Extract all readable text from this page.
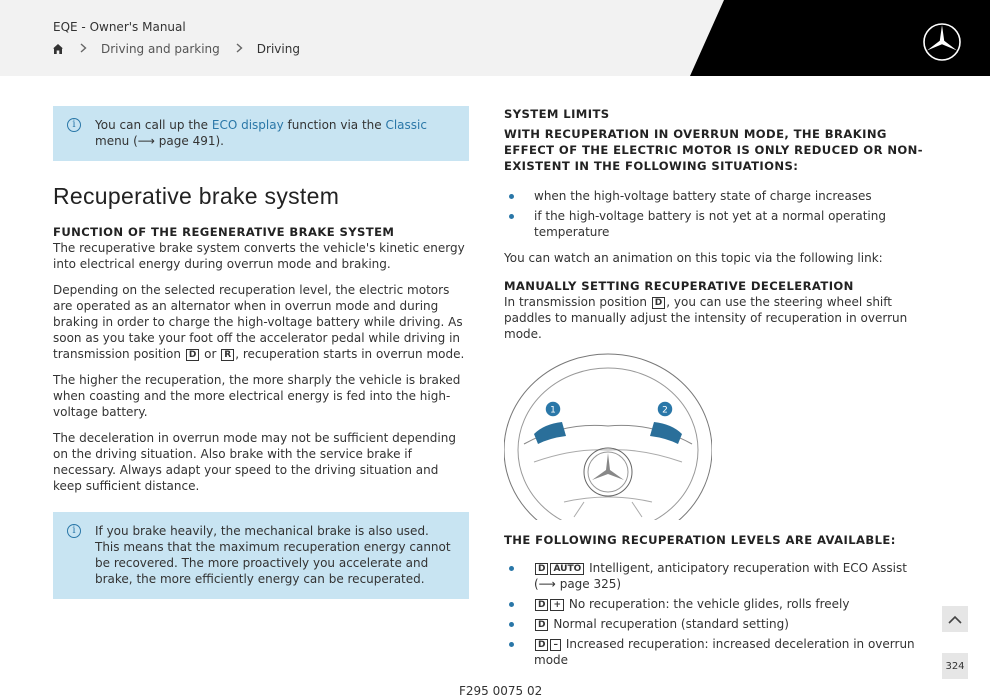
EQE - Owner's Manual
Driving and parking	Driving
i	You can call up the ECO display function via the Classic menu (⟶ page 491).
Recuperative brake system
FUNCTION OF THE REGENERATIVE BRAKE SYSTEM

The recuperative brake system converts the vehicle's kinetic energy into electrical energy during overrun mode and braking.

Depending on the selected recuperation level, the electric motors are operated as an alternator when in overrun mode and during braking in order to charge the high-voltage battery while driving. As soon as you take your foot off the accelerator pedal while driving in transmission position D or R , recuperation starts in overrun mode.

The higher the recuperation, the more sharply the vehicle is braked when coasting and the more electrical energy is fed into the high-voltage battery.

The deceleration in overrun mode may not be sufficient depending on the driving situation. Also brake with the service brake if necessary. Always adapt your speed to the driving situation and keep sufficient distance.

i	If you brake heavily, the mechanical brake is also used. This means that the maximum recuperation energy cannot be recovered. The more proactively you accelerate and brake, the more efficiently energy can be recuperated.
SYSTEM LIMITS
WITH RECUPERATION IN OVERRUN MODE, THE BRAKING EFFECT OF THE ELECTRIC MOTOR IS ONLY REDUCED OR NON-EXISTENT IN THE FOLLOWING SITUATIONS:
when the high-voltage battery state of charge increases
if the high-voltage battery is not yet at a normal operating temperature

You can watch an animation on this topic via the following link:

MANUALLY SETTING RECUPERATIVE DECELERATION

In transmission position D , you can use the steering wheel shift paddles to manually adjust the intensity of recuperation in overrun mode.

1	2
THE FOLLOWING RECUPERATION LEVELS ARE AVAILABLE:
D AUTO Intelligent, anticipatory recuperation with ECO Assist (⟶ page 325)
D + No recuperation: the vehicle glides, rolls freely
D Normal recuperation (standard setting)
D – Increased recuperation: increased deceleration in overrun mode	324
F295 0075 02
